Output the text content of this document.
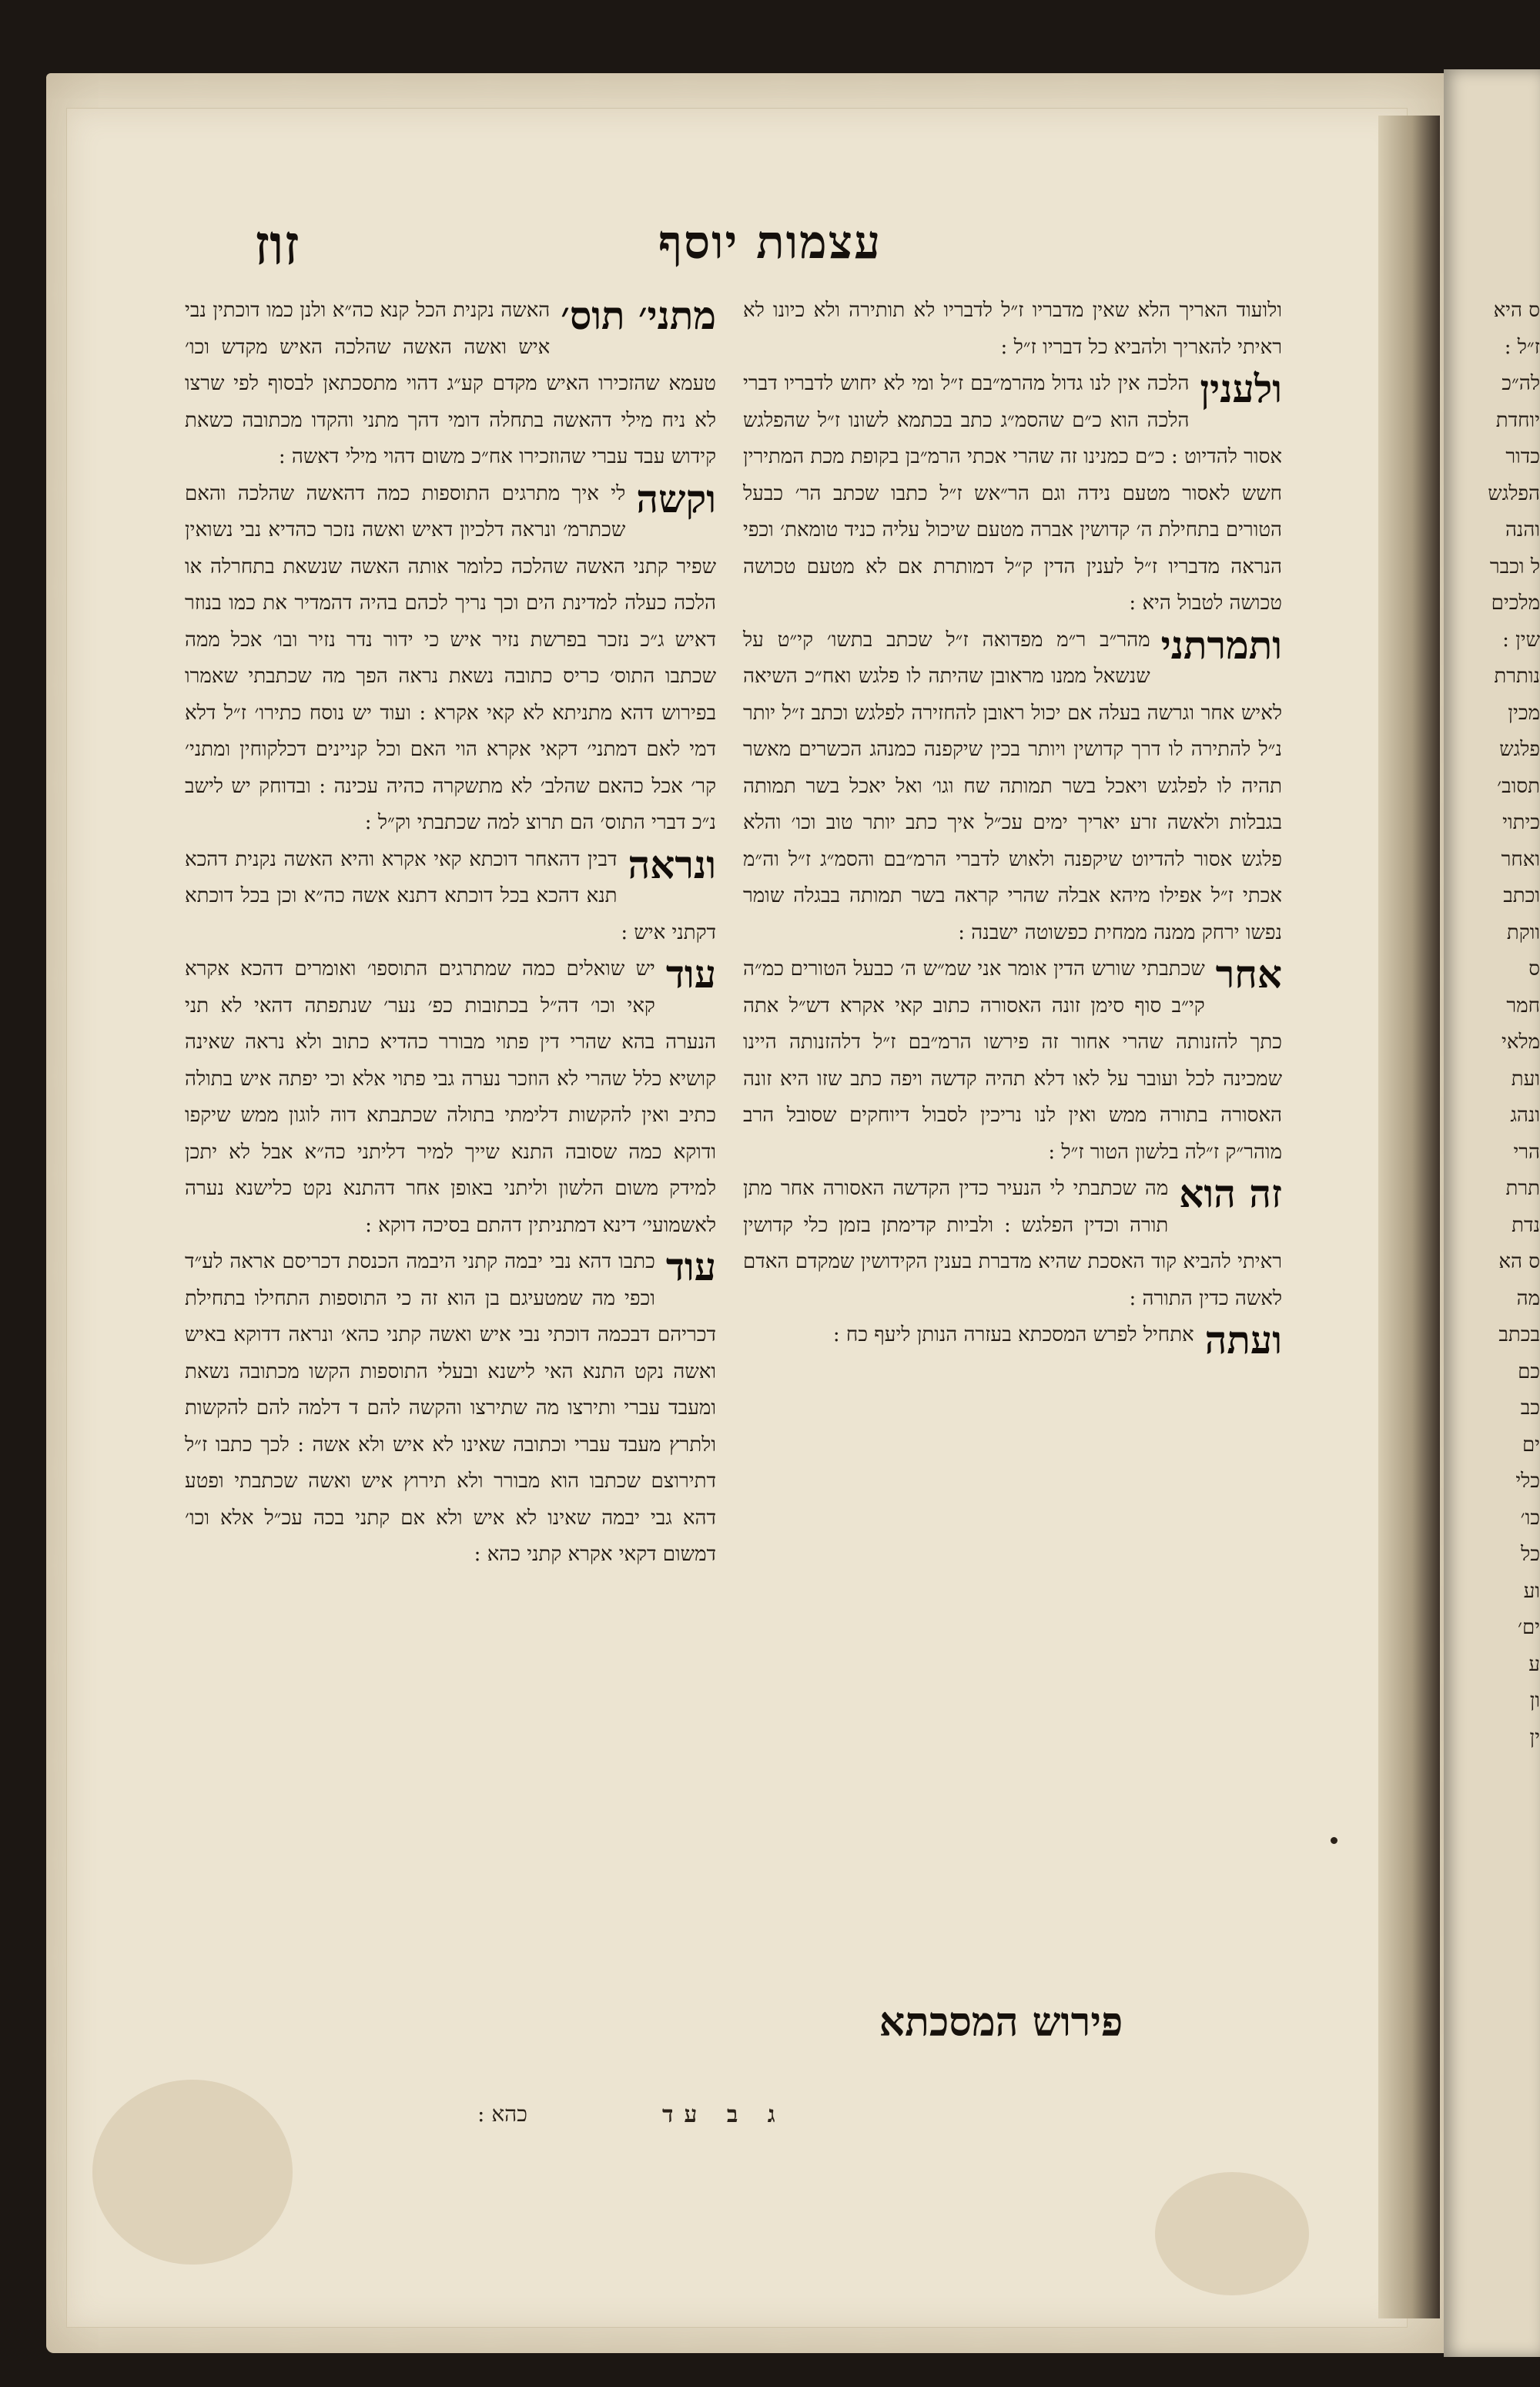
עצמות יוסף
זוז

ולועוד האריך הלא שאין מדבריו ז״ל לדבריו לא תותירה ולא כיונו לא ראיתי להאריך ולהביא כל דבריו ז״ל :

ולענין
הלכה אין לנו גדול מהרמ״בם ז״ל ומי לא יחוש לדבריו דברי הלכה הוא כ״ם שהסמ״ג כתב בכתמא לשונו ז״ל שהפלגש אסור להדיוט : כ״ם כמנינו זה שהרי אכתי הרמ״בן בקופת מכת המתירין חשש לאסור מטעם נידה וגם הר״אש ז״ל כתבו שכתב הר׳ כבעל הטורים בתחילת ה׳ קדושין אברה מטעם שיכול עליה כניד טומאת׳ וכפי הנראה מדבריו ז״ל לענין הדין ק״ל דמותרת אם לא מטעם טכושה טכושה לטבול היא :

ותמרתני
מהר״ב ר״מ מפדואה ז״ל שכתב בתשו׳ קי״ט על שנשאל ממנו מראובן שהיתה לו פלגש ואח״כ השיאה לאיש אחר וגרשה בעלה אם יכול ראובן להחזירה לפלגש וכתב ז״ל יותר נ״ל להתירה לו דרך קדושין ויותר בכין שיקפנה כמנהג הכשרים מאשר תהיה לו לפלגש ויאכל בשר תמותה שח וגו׳ ואל יאכל בשר תמותה בגבלות ולאשה זרע יאריך ימים עכ״ל איך כתב יותר טוב וכו׳ והלא פלגש אסור להדיוט שיקפנה ולאוש לדברי הרמ״בם והסמ״ג ז״ל וה״מ אכתי ז״ל אפילו מיהא אבלה שהרי קראה בשר תמותה בבגלה שומר נפשו ירחק ממנה ממחית כפשוטה ישבנה :

אחר
שכתבתי שורש הדין אומר אני שמ״ש ה׳ כבעל הטורים כמ״ה קי״ב סוף סימן זונה האסורה כתוב קאי אקרא דש״ל אתה כתך להזנותה שהרי אחור זה פירשו הרמ״בם ז״ל דלהזנותה היינו שמכינה לכל ועובר על לאו דלא תהיה קדשה ויפה כתב שזו היא זונה האסורה בתורה ממש ואין לנו נריכין לסבול דיוחקים שסובל הרב מוהר״ק ז״לה בלשון הטור ז״ל :

זה הוא
מה שכתבתי לי הנעיר כדין הקדשה האסורה אחר מתן תורה וכדין הפלגש : ולביות קדימתן בזמן כלי קדושין ראיתי להביא קוד האסכת שהיא מדברת בענין הקידושין שמקדם האדם לאשה כדין התורה :

ועתה
אתחיל לפרש המסכתא בעזרה הנותן ליעף כח :

מתני׳ תוס׳
האשה נקנית הכל קנא כה״א ולנן כמו דוכתין נבי איש ואשה האשה שהלכה האיש מקדש וכו׳ טעמא שהזכירו האיש מקדם קע״ג דהוי מתסכתאן לבסוף לפי שרצו לא ניח מילי דהאשה בתחלה דומי דהך מתני והקדו מכתובה כשאת קידוש עבד עברי שהוזכירו אח״כ משום דהוי מילי דאשה :

וקשה
לי איך מתרגים התוספות כמה דהאשה שהלכה והאם שכתרמ׳ ונראה דלכיון דאיש ואשה נזכר כהדיא נבי נשואין שפיר קתני האשה שהלכה כלומר אותה האשה שנשאת בתחרלה או הלכה כעלה למדינת הים וכך נריך לכהם בהיה דהמדיר את כמו בנוזר דאיש ג״כ נזכר בפרשת נזיר איש כי ידור נדר נזיר ובו׳ אכל ממה שכתבו התוס׳ כריס כתובה נשאת נראה הפך מה שכתבתי שאמרו בפירוש דהא מתניתא לא קאי אקרא : ועוד יש נוסח כתירו׳ ז״ל דלא דמי לאם דמתני׳ דקאי אקרא הוי האם וכל קניינים דכלקוחין ומתני׳ קר׳ אכל כהאם שהלב׳ לא מתשקרה כהיה עכינה : ובדוחק יש לישב נ״כ דברי התוס׳ הם תרוצ למה שכתבתי וק״ל :

ונראה
דבין דהאחר דוכתא קאי אקרא והיא האשה נקנית דהכא תנא דהכא בכל דוכתא דתנא אשה כה״א וכן בכל דוכתא דקתני איש :

עוד
יש שואלים כמה שמתרגים התוספו׳ ואומרים דהכא אקרא קאי וכו׳ דה״ל בכתובות כפ׳ נער׳ שנתפתה דהאי לא תני הנערה בהא שהרי דין פתוי מבורר כהדיא כתוב ולא נראה שאינה קושיא כלל שהרי לא הוזכר נערה גבי פתוי אלא וכי יפתה איש בתולה כתיב ואין להקשות דלימתי בתולה שכתבתא דוה לוגון ממש שיקפו ודוקא כמה שסובה התנא שייך למיר דליתני כה״א אבל לא יתכן למידק משום הלשון וליתני באופן אחר דהתנא נקט כלישנא נערה לאשמועי׳ דינא דמתניתין דהתם בסיכה דוקא :

עוד
כתבו דהא נבי יבמה קתני היבמה הכנסת דכריסם אראה לע״ד וכפי מה שמטעיגם בן הוא זה כי התוספות התחילו בתחילת דכריהם דבכמה דוכתי נבי איש ואשה קתני כהא׳ ונראה דדוקא באיש ואשה נקט התנא האי לישנא ובעלי התוספות הקשו מכתובה נשאת ומעבד עברי ותירצו מה שתירצו והקשה להם ד דלמה להם להקשות ולתרץ מעבד עברי וכתובה שאינו לא איש ולא אשה : לכך כתבו ז״ל דתירוצם שכתבו הוא מבורר ולא תירוץ איש ואשה שכתבתי ופטע דהא גבי יבמה שאינו לא איש ולא אם קתני בכה עכ״ל אלא וכו׳ דמשום דקאי אקרא קתני כהא :

פירוש המסכתא
ג ב עד
כהא :

ס היא

ז״ל :

לה״כ

יוחדת

כדור

הפלגש

והנה

ל וכבר

מלכים

שין :

נותרת

מכין

פלגש

תסוב׳

כיתוי

ואחר

וכתב

ווקת

ס

חמר

מלאי

ועת

ונהג

הרי

תרת

נדת

ס הא

מה

בכתב

כם

כב

ים

כלי

כו׳

כל

וע

ים׳

ע

ון

ין
